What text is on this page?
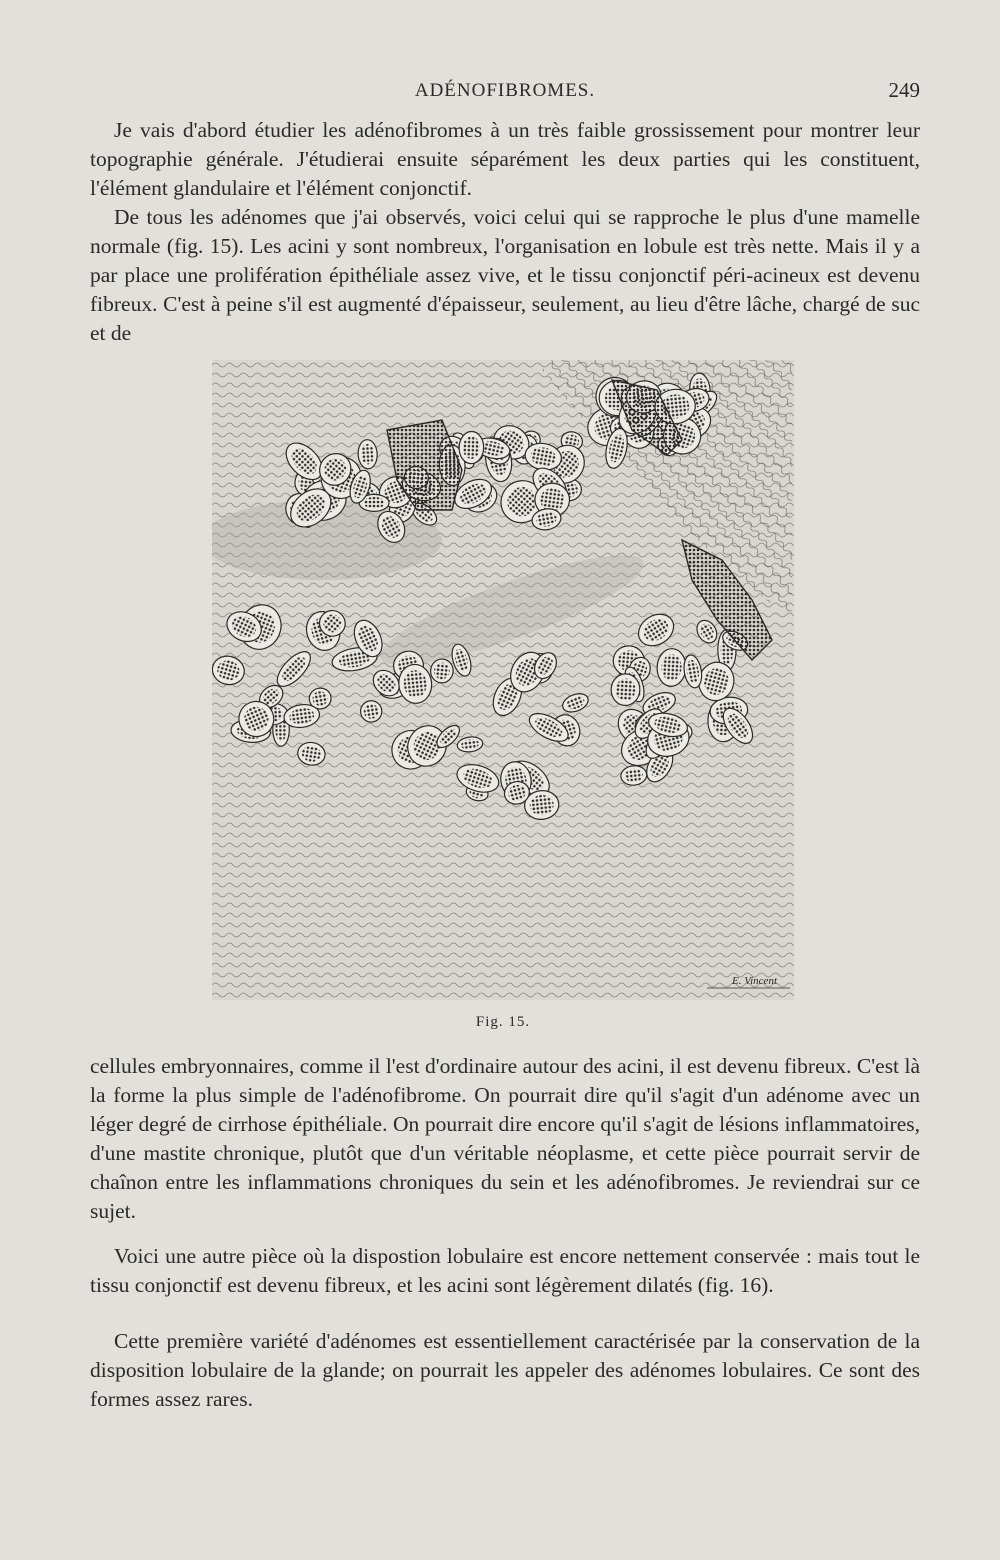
ADÉNOFIBROMES.	249

Je vais d'abord étudier les adénofibromes à un très faible grossissement pour montrer leur topographie générale. J'étudierai ensuite séparément les deux parties qui les constituent, l'élément glandulaire et l'élément conjonctif.

De tous les adénomes que j'ai observés, voici celui qui se rapproche le plus d'une mamelle normale (fig. 15). Les acini y sont nombreux, l'organisation en lobule est très nette. Mais il y a par place une prolifération épithéliale assez vive, et le tissu conjonctif péri-acineux est devenu fibreux. C'est à peine s'il est augmenté d'épaisseur, seulement, au lieu d'être lâche, chargé de suc et de

E. Vincent
Fig. 15.

cellules embryonnaires, comme il l'est d'ordinaire autour des acini, il est devenu fibreux. C'est là la forme la plus simple de l'adénofibrome. On pourrait dire qu'il s'agit d'un adénome avec un léger degré de cirrhose épithéliale. On pourrait dire encore qu'il s'agit de lésions inflammatoires, d'une mastite chronique, plutôt que d'un véritable néoplasme, et cette pièce pourrait servir de chaînon entre les inflammations chroniques du sein et les adénofibromes. Je reviendrai sur ce sujet.

Voici une autre pièce où la dispostion lobulaire est encore nettement conservée : mais tout le tissu conjonctif est devenu fibreux, et les acini sont légèrement dilatés (fig. 16).

Cette première variété d'adénomes est essentiellement caractérisée par la conservation de la disposition lobulaire de la glande; on pourrait les appeler des adénomes lobulaires. Ce sont des formes assez rares.
